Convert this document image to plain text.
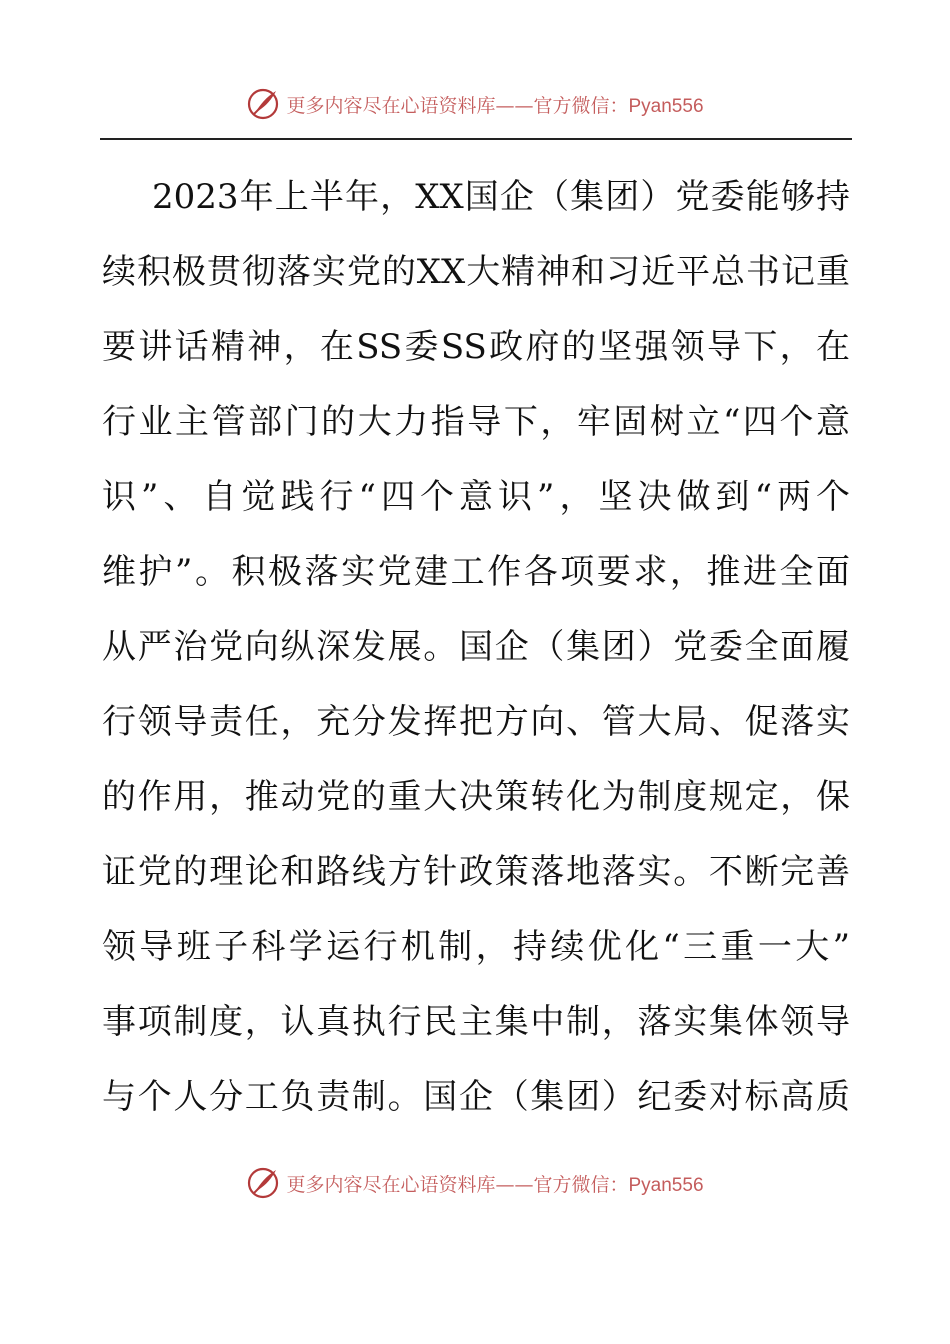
更多内容尽在心语资料库——官方微信：Pyan556
2023年上半年，XX国企（集团）党委能够持
续积极贯彻落实党的XX大精神和习近平总书记重
要讲话精神，在SS委SS政府的坚强领导下，在
行业主管部门的大力指导下，牢固树立“四个意
识”、自觉践行“四个意识”，坚决做到“两个
维护”。积极落实党建工作各项要求，推进全面
从严治党向纵深发展。国企（集团）党委全面履
行领导责任，充分发挥把方向、管大局、促落实
的作用，推动党的重大决策转化为制度规定，保
证党的理论和路线方针政策落地落实。不断完善
领导班子科学运行机制，持续优化“三重一大”
事项制度，认真执行民主集中制，落实集体领导
与个人分工负责制。国企（集团）纪委对标高质
更多内容尽在心语资料库——官方微信：Pyan556
